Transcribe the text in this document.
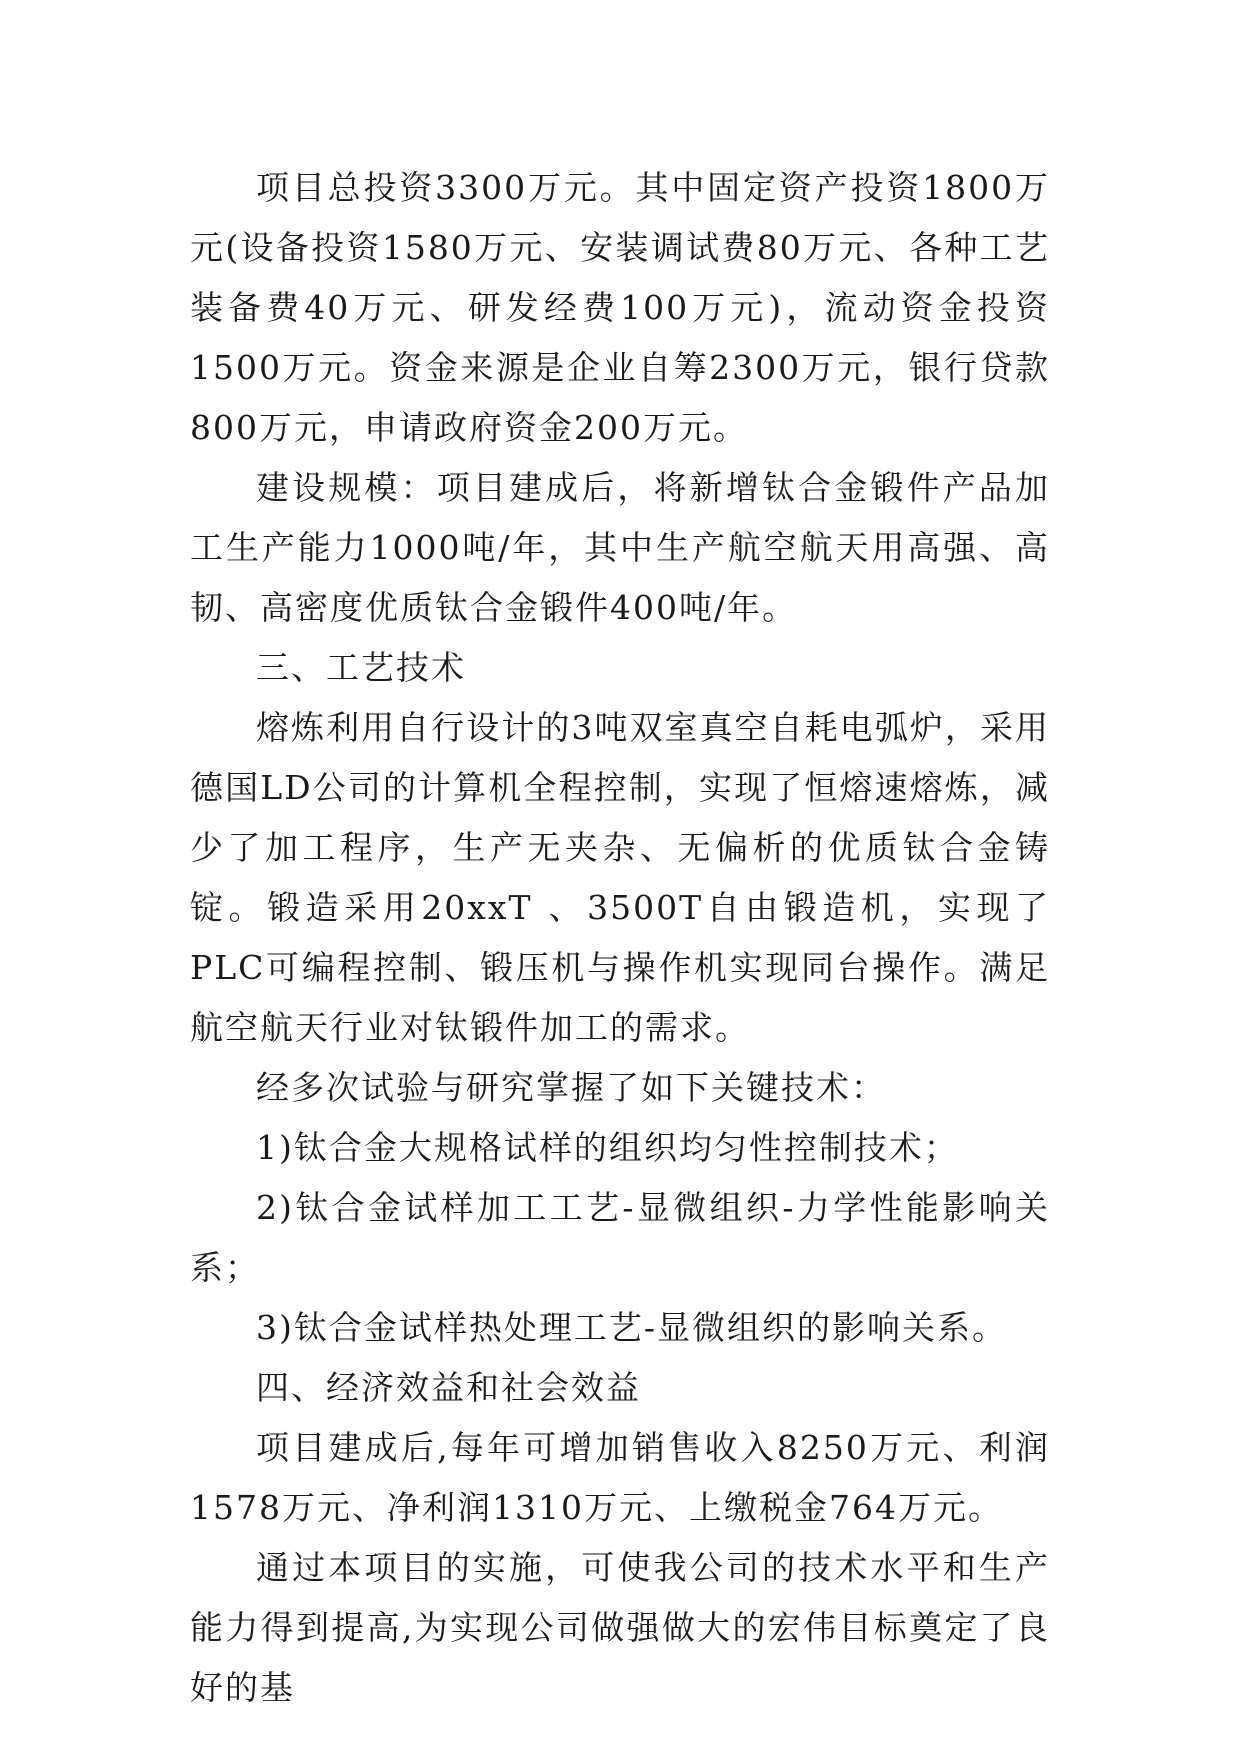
项目总投资3300万元。其中固定资产投资1800万元(设备投资1580万元、安装调试费80万元、各种工艺装备费40万元、研发经费100万元)，流动资金投资1500万元。资金来源是企业自筹2300万元，银行贷款800万元，申请政府资金200万元。

建设规模：项目建成后，将新增钛合金锻件产品加工生产能力1000吨/年，其中生产航空航天用高强、高韧、高密度优质钛合金锻件400吨/年。

三、工艺技术

熔炼利用自行设计的3吨双室真空自耗电弧炉，采用德国LD公司的计算机全程控制，实现了恒熔速熔炼，减少了加工程序，生产无夹杂、无偏析的优质钛合金铸锭。锻造采用20xxT 、3500T自由锻造机，实现了PLC可编程控制、锻压机与操作机实现同台操作。满足航空航天行业对钛锻件加工的需求。

经多次试验与研究掌握了如下关键技术：

1)钛合金大规格试样的组织均匀性控制技术；

2)钛合金试样加工工艺-显微组织-力学性能影响关系；

3)钛合金试样热处理工艺-显微组织的影响关系。

四、经济效益和社会效益

项目建成后,每年可增加销售收入8250万元、利润1578万元、净利润1310万元、上缴税金764万元。

通过本项目的实施，可使我公司的技术水平和生产能力得到提高,为实现公司做强做大的宏伟目标奠定了良好的基
